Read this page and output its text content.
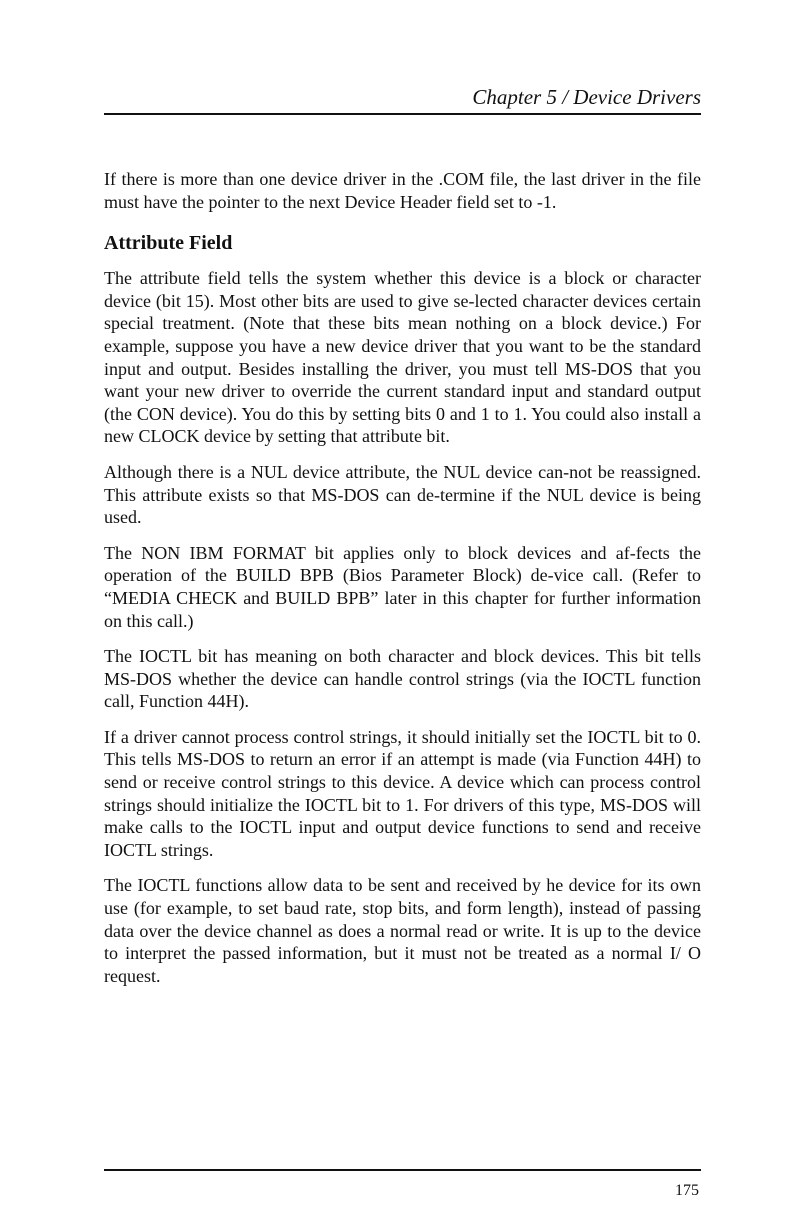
Chapter 5 / Device Drivers

If there is more than one device driver in the .COM file, the last driver in the file must have the pointer to the next Device Header field set to -1.

Attribute Field

The attribute field tells the system whether this device is a block or character device (bit 15). Most other bits are used to give se-lected character devices certain special treatment. (Note that these bits mean nothing on a block device.) For example, suppose you have a new device driver that you want to be the standard input and output. Besides installing the driver, you must tell MS-DOS that you want your new driver to override the current standard input and standard output (the CON device). You do this by setting bits 0 and 1 to 1. You could also install a new CLOCK device by setting that attribute bit.

Although there is a NUL device attribute, the NUL device can-not be reassigned. This attribute exists so that MS-DOS can de-termine if the NUL device is being used.

The NON IBM FORMAT bit applies only to block devices and af-fects the operation of the BUILD BPB (Bios Parameter Block) de-vice call. (Refer to “MEDIA CHECK and BUILD BPB” later in this chapter for further information on this call.)

The IOCTL bit has meaning on both character and block devices. This bit tells MS-DOS whether the device can handle control strings (via the IOCTL function call, Function 44H).

If a driver cannot process control strings, it should initially set the IOCTL bit to 0. This tells MS-DOS to return an error if an attempt is made (via Function 44H) to send or receive control strings to this device. A device which can process control strings should initialize the IOCTL bit to 1. For drivers of this type, MS-DOS will make calls to the IOCTL input and output device functions to send and receive IOCTL strings.

The IOCTL functions allow data to be sent and received by he device for its own use (for example, to set baud rate, stop bits, and form length), instead of passing data over the device channel as does a normal read or write. It is up to the device to interpret the passed information, but it must not be treated as a normal I/ O request.

175
